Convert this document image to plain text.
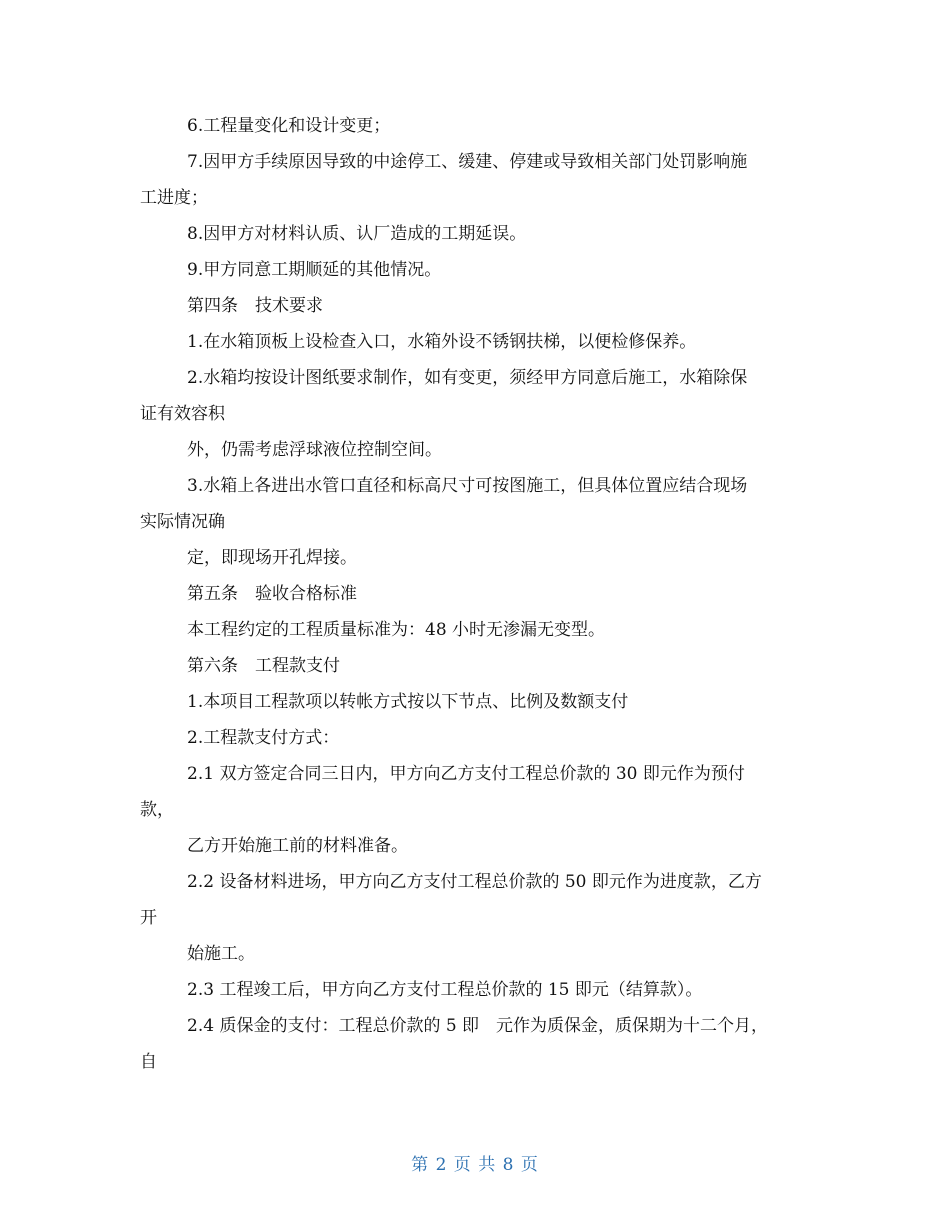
6.工程量变化和设计变更；
7.因甲方手续原因导致的中途停工、缓建、停建或导致相关部门处罚影响施
工进度；
8.因甲方对材料认质、认厂造成的工期延误。
9.甲方同意工期顺延的其他情况。
第四条　技术要求
1.在水箱顶板上设检查入口，水箱外设不锈钢扶梯，以便检修保养。
2.水箱均按设计图纸要求制作，如有变更，须经甲方同意后施工，水箱除保
证有效容积
外，仍需考虑浮球液位控制空间。
3.水箱上各进出水管口直径和标高尺寸可按图施工，但具体位置应结合现场
实际情况确
定，即现场开孔焊接。
第五条　验收合格标准
本工程约定的工程质量标准为：48 小时无渗漏无变型。
第六条　工程款支付
1.本项目工程款项以转帐方式按以下节点、比例及数额支付
2.工程款支付方式：
2.1 双方签定合同三日内，甲方向乙方支付工程总价款的 30 即元作为预付
款，
乙方开始施工前的材料准备。
2.2 设备材料进场，甲方向乙方支付工程总价款的 50 即元作为进度款，乙方
开
始施工。
2.3 工程竣工后，甲方向乙方支付工程总价款的 15 即元（结算款）。
2.4 质保金的支付：工程总价款的 5 即　元作为质保金，质保期为十二个月，
自
第 2 页 共 8 页
